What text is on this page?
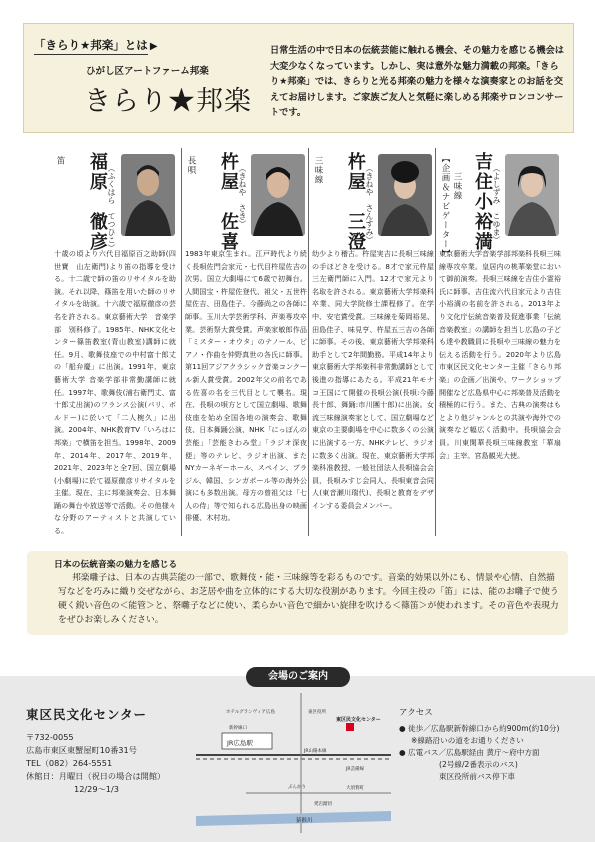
「きらり★邦楽」とは ▶
ひがし区アートファーム邦楽
きらり★邦楽
日常生活の中で日本の伝統芸能に触れる機会、その魅力を感じる機会は大変少なくなっています。しかし、実は意外な魅力満載の邦楽。「きらり★邦楽」では、きらりと光る邦楽の魅力を様々な演奏家とのお話を交えてお届けします。ご家族ご友人と気軽に楽しめる邦楽サロンコンサートです。
笛 福原　徹彦 （ふくはら　てつひこ）
十歳の頃より六代目福原百之助師(四世寶　山左衛門)より笛の指導を受ける。十二歳で師の笛のリサイタルを助演。それ以降、篠笛を用いた師のリサイタルを助演。十六歳で福原徹彦の芸名を許される。東京藝術大学　音楽学部　別科修了。1985年、NHK文化センター篠笛教室(青山教室)講師に就任。9月、歌舞伎座での中村富十郎丈の「船弁慶」に出演。1991年、東京藝術大学 音楽学部非常勤講師に就任。1997年、歌舞伎(浦右衛門丈、富十郎丈出演)のフランス公演(パリ、ボルドー)に於いて「二人椀久」に出演。2004年、NHK教育TV「いろはに邦楽」で横笛を担当。1998年、2009年、2014年、2017年、2019年、2021年、2023年と全7回、国立劇場(小劇場)に於て福原徹彦リサイタルを主催。現在、主に邦楽演奏会、日本舞踊の舞台や放送等で活動。その他様々な分野のアーティストと共演している。
長唄 杵屋　佐喜 （きねや　さき）
1983年東京生まれ。江戸時代より続く長唄佐門会家元・七代目杵屋佐吉の次男。国立大劇場にて6歳で初舞台。人間国宝・杵屋佐登代、祖父・五世杵屋佐吉、田島佳子、今藤尚之の各師に師事。玉川大学芸術学科、声楽専攻卒業。芸術祭大賞受賞。声楽家敏郎作品「ミスター・オウタ」のテノール、ピアノ・作曲を仲野真世の各氏に師事。第11回アジアクラシック音楽コンクール新人賞受賞。2002年父の前名である佐喜の名を三代目として襲名。現在、長唄の唄方として国立劇場、歌舞伎座を始め全国各地の演奏会、歌舞伎、日本舞踊公演、NHK「にっぽんの芸能」「芸能きわみ堂」「ラジオ深夜便」等のテレビ、ラジオ出演、またNYカーネギーホール、スペイン、ブラジル、韓国、シンガポール等の海外公演にも多数出演。母方の曾祖父は「七人の侍」等で知られる広島出身の映画俳優、木村功。
三味線 杵屋　三澄 （きねや　さんすみ）
幼少より稽古。杵屋実吉に長唄三味線の手ほどきを受ける。8才で家元杵屋三左衛門師に入門。12才で家元より名取を許される。東京藝術大学邦楽科卒業、同大学院修士課程修了。在学中、安宅賞受賞。三味線を菊岡裕晃、田島佳子、味見亨、杵屋五三吉の各師に師事。その後、東京藝術大学邦楽科助手として2年間勤務。平成14年より東京藝術大学邦楽科非常勤講師として後進の指導にあたる。平成21年モナコ王国にて開催の長唄公演(長唄:今藤長十郎、舞踊:市川團十郎)に出演。女流三味線演奏家として、国立劇場など東京の主要劇場を中心に数多くの公演に出演する一方、NHKテレビ、ラジオに数多く出演。現在、東京藝術大学邦楽科准教授、一般社団法人長唄協会会員、長唄みすじ会同人、長唄東音会同人(東音瀬川瑞代)、長唄と教育をデザインする委員会メンバー。
【企画＆ナビゲーター】 三味線 吉住小裕満 （よしずみ　こゆま）
東京藝術大学音楽学部邦楽科長唄三味線専攻卒業。皇居内の桃華楽堂において御前演奏。長唄三味線を吉住小霊裕氏に師事。吉住流六代目家元より吉住小裕満の名前を許される。2013年より文化庁伝統音楽普及促進事業「伝統音楽教室」の講師を担当し広島の子ども達や教職員に長唄や三味線の魅力を伝える活動を行う。2020年より広島市東区民文化センター主催「きらり邦楽」の企画／出演や、ワークショップ開催など広島県中心に邦楽普及活動を積極的に行う。また、古典の演奏はもとより他ジャンルとの共演や海外での演奏など幅広く活動中。長唄協会会員。川東閑華長唄三味線教室「華扇会」主宰。宮島観光大使。
日本の伝統音楽の魅力を感じる
邦楽囃子は、日本の古典芸能の一部で、歌舞伎・能・三味線等を彩るものです。音楽的効果以外にも、情景や心情、自然描写などを巧みに織り交ぜながら、お芝居や曲を立体的にする大切な役割があります。今回主役の「笛」には、能のお囃子で使う硬く鋭い音色の＜能管＞と、祭囃子などに使い、柔らかい音色で細かい旋律を吹ける＜篠笛＞が使われます。その音色や表現力をぜひお楽しみください。
会場のご案内
東区民文化センター
〒732-0055
広島市東区東蟹屋町10番31号
TEL（082）264-5551
休館日：月曜日（祝日の場合は開館）
12/29〜1/3
JR広島駅
東区民文化センター
猿猴川
新幹線口
ホテルグランヴィア広島	東区役所
JR山陽本線
JR芸備線
ぶんかり	大須賀町
愛宕踏切
アクセス
● 徒歩／広島駅新幹線口から約900m(約10分)
※線路沿いの道をお通りください
● 広電バス／広島駅経由 黄庁〜府中方面
(2号線/2番表示のバス)
東区役所前バス停下車
